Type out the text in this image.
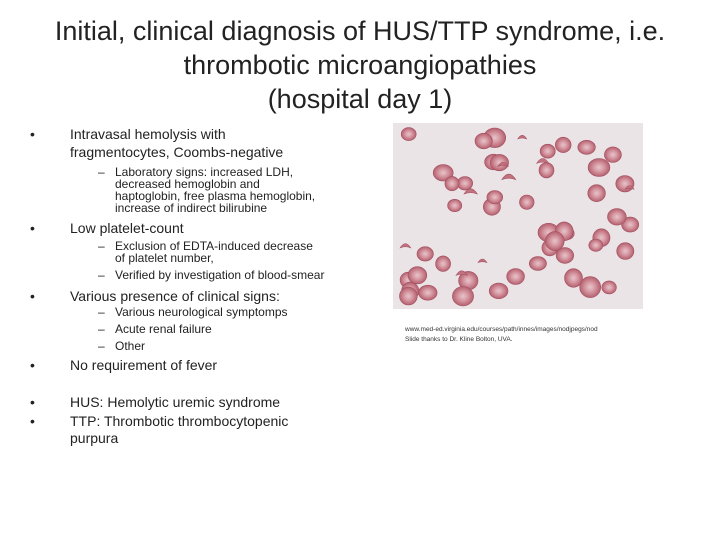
Initial, clinical diagnosis of HUS/TTP syndrome, i.e.
thrombotic microangiopathies
(hospital day 1)
•	Intravasal hemolysis with
fragmentocytes, Coombs-negative
– Laboratory signs: increased LDH,
decreased hemoglobin and
haptoglobin, free plasma hemoglobin,
increase of indirect bilirubine
•	Low platelet-count
– Exclusion of EDTA-induced decrease
of platelet number,
– Verified by investigation of blood-smear
•	Various presence of clinical signs:
– Various neurological symptomps
– Acute renal failure
– Other
•	No requirement of fever
•	HUS: Hemolytic uremic syndrome
•	TTP: Thrombotic thrombocytopenic
purpura
www.med-ed.virginia.edu/courses/path/innes/images/nodjpegs/nod
Slide thanks to Dr. Kline Bolton, UVA.
